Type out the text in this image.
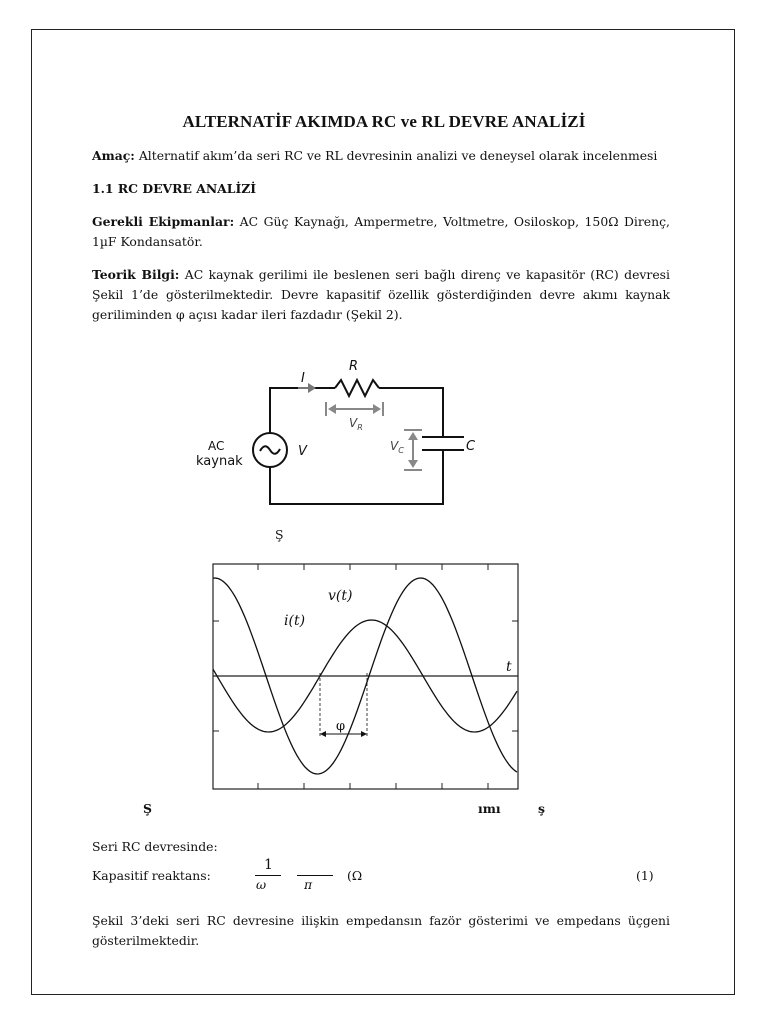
ALTERNATİF AKIMDA RC ve RL DEVRE ANALİZİ
Amaç: Alternatif akım’da seri RC ve RL devresinin analizi ve deneysel olarak incelenmesi
1.1 RC DEVRE ANALİZİ
Gerekli Ekipmanlar: AC Güç Kaynağı, Ampermetre, Voltmetre, Osiloskop, 150Ω Direnç, 1µF Kondansatör.
Teorik Bilgi: AC kaynak gerilimi ile beslenen seri bağlı direnç ve kapasitör (RC) devresi Şekil 1’de gösterilmektedir. Devre kapasitif özellik gösterdiğinden devre akımı kaynak geriliminden φ açısı kadar ileri fazdadır (Şekil 2).
AC
kaynak
V
I
R
$V_R$
$V_C$	C
Ş
v(t)
i(t)
t
φ
Ş	ımı	ş
Seri RC devresinde:
Kapasitif reaktans:
1
ω	π
(Ω	(1)
Şekil 3’deki seri RC devresine ilişkin empedansın fazör gösterimi ve empedans üçgeni gösterilmektedir.
